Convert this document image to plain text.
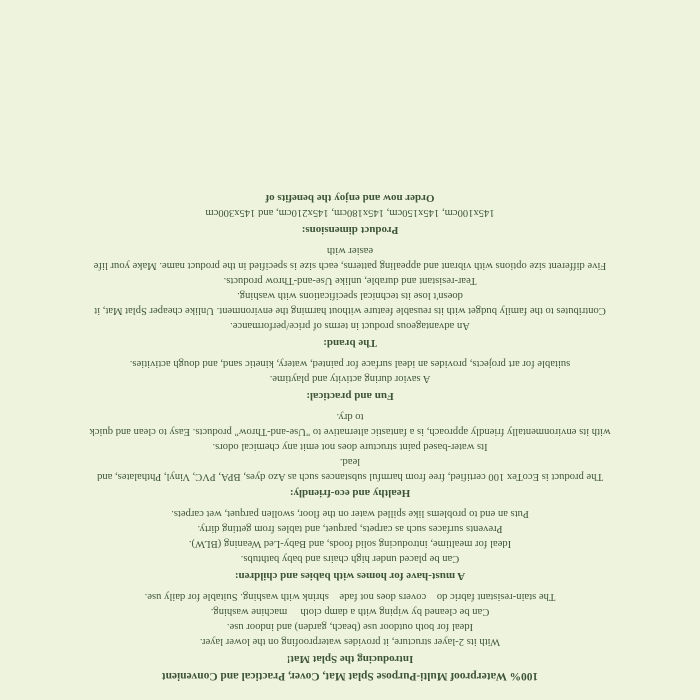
100% Waterproof Multi-Purpose Splat Mat, Cover, Practical and Convenient
Introducing the Splat Mat!
With its 2-layer structure, it provides waterproofing on the lower layer.
Ideal for both outdoor use (beach, garden) and indoor use.
Can be cleaned by wiping with a damp cloth     machine washing.
The stain-resistant fabric do    covers does not fade    shrink with washing. Suitable for daily use.
A must-have for homes with babies and children:
Can be placed under high chairs and baby bathtubs.
Ideal for mealtime, introducing solid foods, and Baby-Led Weaning (BLW).
Prevents surfaces such as carpets, parquet, and tables from getting dirty.
Puts an end to problems like spilled water on the floor, swollen parquet, wet carpets.
Healthy and eco-friendly:
The product is EcoTex 100 certified, free from harmful substances such as Azo dyes, BPA, PVC, Vinyl, Phthalates, and lead.
Its water-based paint structure does not emit any chemical odors.
with its environmentally friendly approach, is a fantastic alternative to "Use-and-Throw" products. Easy to clean and quick to dry.
Fun and practical:
A savior during activity and playtime.
suitable for art projects, provides an ideal surface for painted, watery, kinetic sand, and dough activities.
The brand:
An advantageous product in terms of price/performance.
Contributes to the family budget with its reusable feature without harming the environment. Unlike cheaper Splat Mat, it doesn't lose its technical specifications with washing.
Tear-resistant and durable, unlike Use-and-Throw products.
Five different size options with vibrant and appealing patterns, each size is specified in the product name. Make your life easier with
Product dimensions:
145x100cm, 145x150cm, 145x180cm, 145x210cm, and 145x300cm
Order now and enjoy the benefits of
